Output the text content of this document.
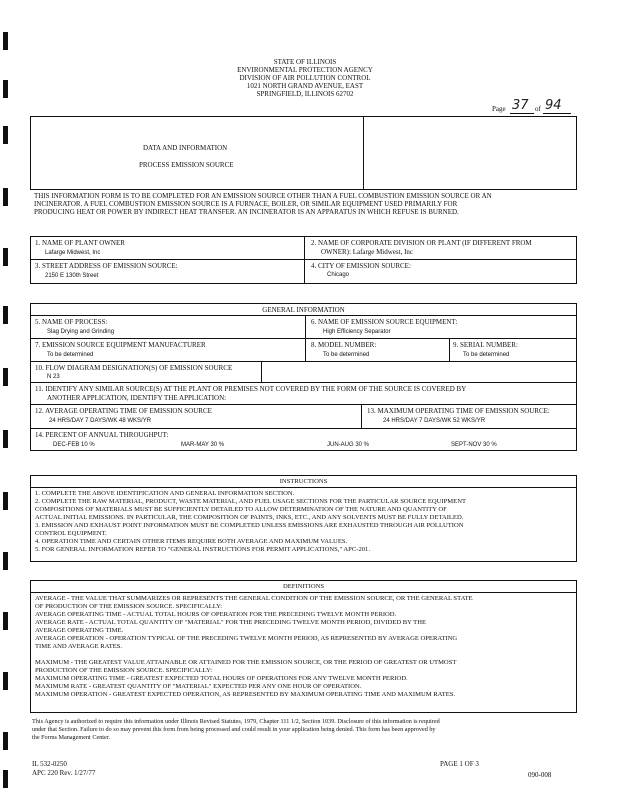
STATE OF ILLINOIS
ENVIRONMENTAL PROTECTION AGENCY
DIVISION OF AIR POLLUTION CONTROL
1021 NORTH GRAND AVENUE, EAST
SPRINGFIELD, ILLINOIS 62702
Page 37 of 94
DATA AND INFORMATION
PROCESS EMISSION SOURCE
THIS INFORMATION FORM IS TO BE COMPLETED FOR AN EMISSION SOURCE OTHER THAN A FUEL COMBUSTION EMISSION SOURCE OR AN
INCINERATOR. A FUEL COMBUSTION EMISSION SOURCE IS A FURNACE, BOILER, OR SIMILAR EQUIPMENT USED PRIMARILY FOR
PRODUCING HEAT OR POWER BY INDIRECT HEAT TRANSFER. AN INCINERATOR IS AN APPARATUS IN WHICH REFUSE IS BURNED.
1. NAME OF PLANT OWNER
Lafarge Midwest, Inc
2. NAME OF CORPORATE DIVISION OR PLANT (IF DIFFERENT FROM
OWNER): Lafarge Midwest, Inc
3. STREET ADDRESS OF EMISSION SOURCE:
2150 E 130th Street
4. CITY OF EMISSION SOURCE:
Chicago
GENERAL INFORMATION
5. NAME OF PROCESS:
Slag Drying and Grinding
6. NAME OF EMISSION SOURCE EQUIPMENT:
High Efficiency Separator
7. EMISSION SOURCE EQUIPMENT MANUFACTURER
To be determined
8. MODEL NUMBER:
To be determined
9. SERIAL NUMBER:
To be determined
10. FLOW DIAGRAM DESIGNATION(S) OF EMISSION SOURCE
N 23
11. IDENTIFY ANY SIMILAR SOURCE(S) AT THE PLANT OR PREMISES NOT COVERED BY THE FORM OF THE SOURCE IS COVERED BY
ANOTHER APPLICATION, IDENTIFY THE APPLICATION:
12. AVERAGE OPERATING TIME OF EMISSION SOURCE
24 HRS/DAY 7 DAYS/WK 48 WKS/YR
13. MAXIMUM OPERATING TIME OF EMISSION SOURCE:
24 HRS/DAY 7 DAYS/WK 52 WKS/YR
14. PERCENT OF ANNUAL THROUGHPUT:
DEC-FEB 10 %	MAR-MAY 30 %	JUN-AUG 30 %	SEPT-NOV 30 %
INSTRUCTIONS
1. COMPLETE THE ABOVE IDENTIFICATION AND GENERAL INFORMATION SECTION.
2. COMPLETE THE RAW MATERIAL, PRODUCT, WASTE MATERIAL, AND FUEL USAGE SECTIONS FOR THE PARTICULAR SOURCE EQUIPMENT
COMPOSITIONS OF MATERIALS MUST BE SUFFICIENTLY DETAILED TO ALLOW DETERMINATION OF THE NATURE AND QUANTITY OF
ACTUAL INITIAL EMISSIONS. IN PARTICULAR, THE COMPOSITION OF PAINTS, INKS, ETC., AND ANY SOLVENTS MUST BE FULLY DETAILED.
3. EMISSION AND EXHAUST POINT INFORMATION MUST BE COMPLETED UNLESS EMISSIONS ARE EXHAUSTED THROUGH AIR POLLUTION
CONTROL EQUIPMENT.
4. OPERATION TIME AND CERTAIN OTHER ITEMS REQUIRE BOTH AVERAGE AND MAXIMUM VALUES.
5. FOR GENERAL INFORMATION REFER TO "GENERAL INSTRUCTIONS FOR PERMIT APPLICATIONS," APC-201.
DEFINITIONS
AVERAGE - THE VALUE THAT SUMMARIZES OR REPRESENTS THE GENERAL CONDITION OF THE EMISSION SOURCE, OR THE GENERAL STATE
OF PRODUCTION OF THE EMISSION SOURCE. SPECIFICALLY:
AVERAGE OPERATING TIME - ACTUAL TOTAL HOURS OF OPERATION FOR THE PRECEDING TWELVE MONTH PERIOD.
AVERAGE RATE - ACTUAL TOTAL QUANTITY OF "MATERIAL" FOR THE PRECEDING TWELVE MONTH PERIOD, DIVIDED BY THE
AVERAGE OPERATING TIME.
AVERAGE OPERATION - OPERATION TYPICAL OF THE PRECEDING TWELVE MONTH PERIOD, AS REPRESENTED BY AVERAGE OPERATING
TIME AND AVERAGE RATES.
MAXIMUM - THE GREATEST VALUE ATTAINABLE OR ATTAINED FOR THE EMISSION SOURCE, OR THE PERIOD OF GREATEST OR UTMOST
PRODUCTION OF THE EMISSION SOURCE. SPECIFICALLY:
MAXIMUM OPERATING TIME - GREATEST EXPECTED TOTAL HOURS OF OPERATIONS FOR ANY TWELVE MONTH PERIOD.
MAXIMUM RATE - GREATEST QUANTITY OF "MATERIAL" EXPECTED PER ANY ONE HOUR OF OPERATION.
MAXIMUM OPERATION - GREATEST EXPECTED OPERATION, AS REPRESENTED BY MAXIMUM OPERATING TIME AND MAXIMUM RATES.
This Agency is authorized to require this information under Illinois Revised Statutes, 1979, Chapter 111 1/2, Section 1039. Disclosure of this information is required
under that Section. Failure to do so may prevent this form from being processed and could result in your application being denied. This form has been approved by
the Forms Management Center.
IL 532-0250
APC 220 Rev. 1/27/77
PAGE 1 OF 3
090-008
